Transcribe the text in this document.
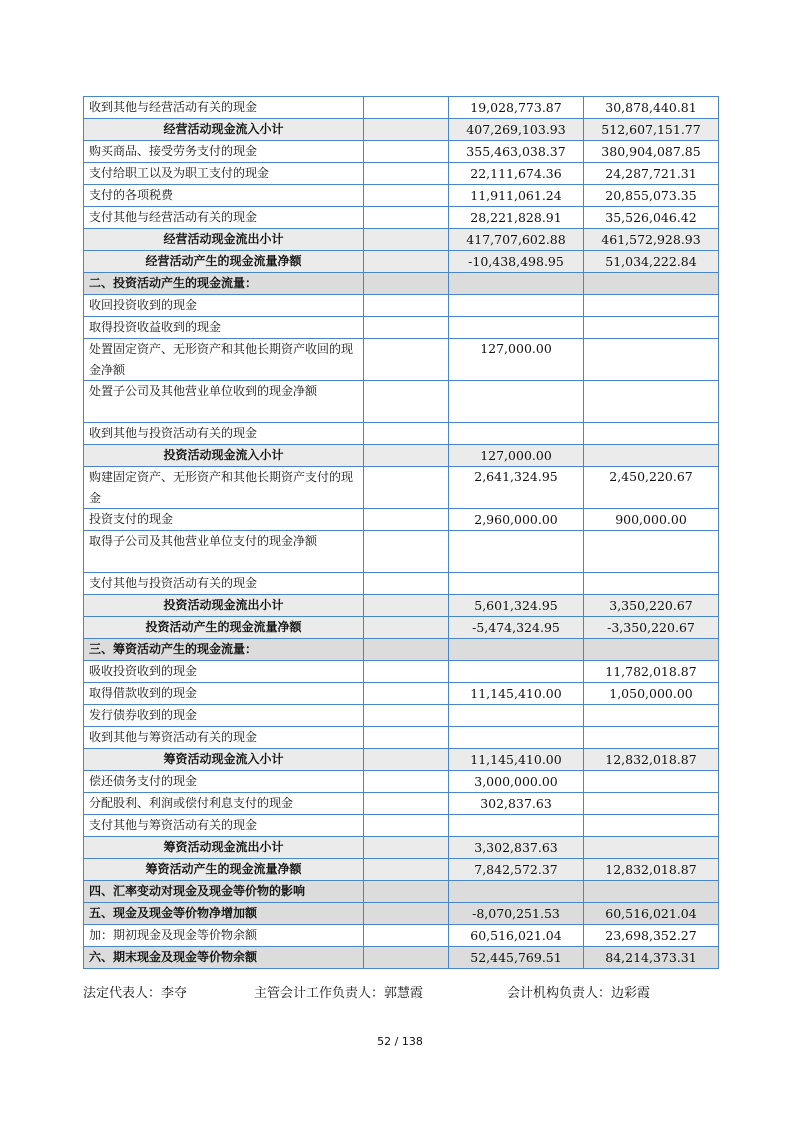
收到其他与经营活动有关的现金		19,028,773.87	30,878,440.81
经营活动现金流入小计		407,269,103.93	512,607,151.77
购买商品、接受劳务支付的现金		355,463,038.37	380,904,087.85
支付给职工以及为职工支付的现金		22,111,674.36	24,287,721.31
支付的各项税费		11,911,061.24	20,855,073.35
支付其他与经营活动有关的现金		28,221,828.91	35,526,046.42
经营活动现金流出小计		417,707,602.88	461,572,928.93
经营活动产生的现金流量净额		-10,438,498.95	51,034,222.84
二、投资活动产生的现金流量：			
收回投资收到的现金			
取得投资收益收到的现金			
处置固定资产、无形资产和其他长期资产收回的现金净额		127,000.00	
处置子公司及其他营业单位收到的现金净额			
收到其他与投资活动有关的现金			
投资活动现金流入小计		127,000.00	
购建固定资产、无形资产和其他长期资产支付的现金		2,641,324.95	2,450,220.67
投资支付的现金		2,960,000.00	900,000.00
取得子公司及其他营业单位支付的现金净额			
支付其他与投资活动有关的现金			
投资活动现金流出小计		5,601,324.95	3,350,220.67
投资活动产生的现金流量净额		-5,474,324.95	-3,350,220.67
三、筹资活动产生的现金流量：			
吸收投资收到的现金			11,782,018.87
取得借款收到的现金		11,145,410.00	1,050,000.00
发行债券收到的现金			
收到其他与筹资活动有关的现金			
筹资活动现金流入小计		11,145,410.00	12,832,018.87
偿还债务支付的现金		3,000,000.00	
分配股利、利润或偿付利息支付的现金		302,837.63	
支付其他与筹资活动有关的现金			
筹资活动现金流出小计		3,302,837.63	
筹资活动产生的现金流量净额		7,842,572.37	12,832,018.87
四、汇率变动对现金及现金等价物的影响			
五、现金及现金等价物净增加额		-8,070,251.53	60,516,021.04
加：期初现金及现金等价物余额		60,516,021.04	23,698,352.27
六、期末现金及现金等价物余额		52,445,769.51	84,214,373.31
法定代表人：李夺	主管会计工作负责人：郭慧霞	会计机构负责人：边彩霞
52 / 138
